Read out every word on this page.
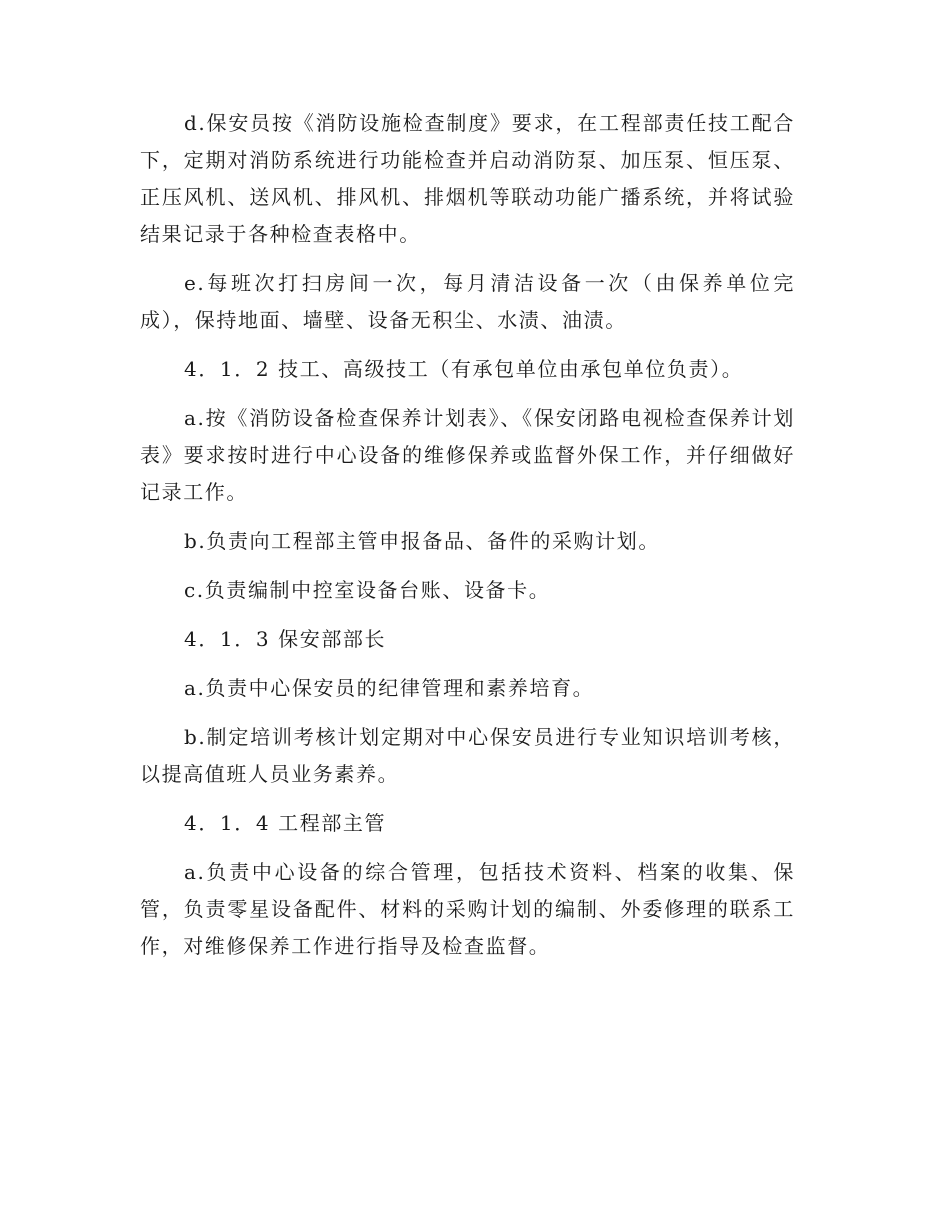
d.保安员按《消防设施检查制度》要求，在工程部责任技工配合下，定期对消防系统进行功能检查并启动消防泵、加压泵、恒压泵、正压风机、送风机、排风机、排烟机等联动功能广播系统，并将试验结果记录于各种检查表格中。

e.每班次打扫房间一次，每月清洁设备一次（由保养单位完成），保持地面、墙壁、设备无积尘、水渍、油渍。

4．1．2 技工、高级技工（有承包单位由承包单位负责）。

a.按《消防设备检查保养计划表》、《保安闭路电视检查保养计划表》要求按时进行中心设备的维修保养或监督外保工作，并仔细做好记录工作。

b.负责向工程部主管申报备品、备件的采购计划。

c.负责编制中控室设备台账、设备卡。

4．1．3 保安部部长

a.负责中心保安员的纪律管理和素养培育。

b.制定培训考核计划定期对中心保安员进行专业知识培训考核，以提高值班人员业务素养。

4．1．4 工程部主管

a.负责中心设备的综合管理，包括技术资料、档案的收集、保管，负责零星设备配件、材料的采购计划的编制、外委修理的联系工作，对维修保养工作进行指导及检查监督。
